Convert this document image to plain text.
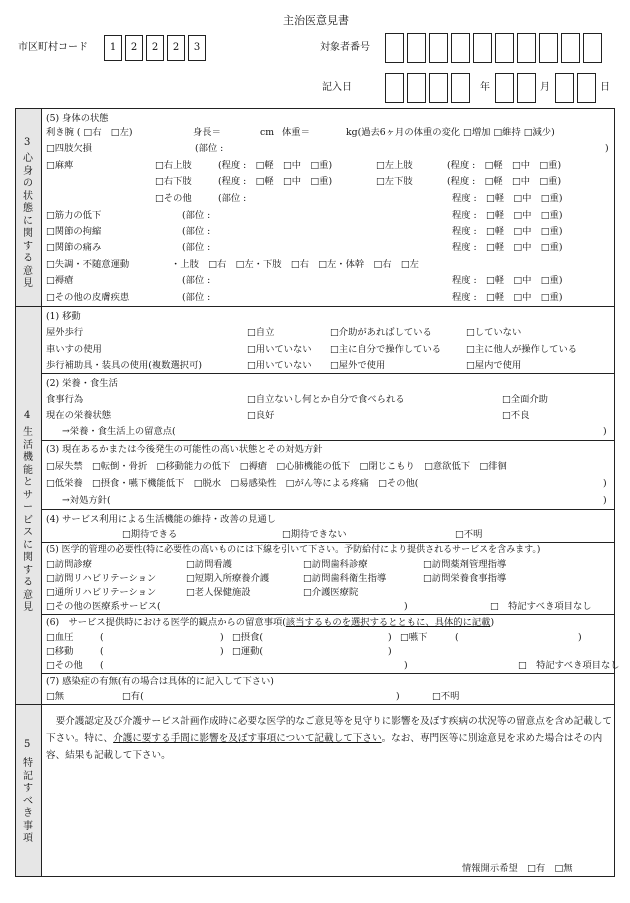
主治医意見書
市区町村コード	1	2	2	2	3	対象者番号
記入日	年	月	日
3
心身の状態に関する意見
(5) 身体の状態
利き腕 ( □右　□左)	身長＝	cm 体重＝	kg(過去6ヶ月の体重の変化 □増加 □維持 □減少)
□四肢欠損	(部位 :	)
□麻痺	□右上肢	(程度 :　□軽　□中　□重)	□左上肢	(程度 :　□軽　□中　□重)
□右下肢	(程度 :　□軽　□中　□重)	□左下肢	(程度 :　□軽　□中　□重)
□その他	(部位 :	程度 :　□軽　□中　□重)
□筋力の低下	(部位 :	程度 :　□軽　□中　□重)
□関節の拘縮	(部位 :	程度 :　□軽　□中　□重)
□関節の痛み	(部位 :	程度 :　□軽　□中　□重)
□失調・不随意運動	・上肢　□右　□左・下肢　□右　□左・体幹　□右　□左
□褥瘡	(部位 :	程度 :　□軽　□中　□重)
□その他の皮膚疾患	(部位 :	程度 :　□軽　□中　□重)
4
生活機能とサービスに関する意見
(1) 移動
屋外歩行	□自立	□介助があればしている	□していない
車いすの使用	□用いていない □主に自分で操作している	□主に他人が操作している
歩行補助具・装具の使用(複数選択可)	□用いていない □屋外で使用	□屋内で使用
(2) 栄養・食生活
食事行為	□自立ないし何とか自分で食べられる	□全面介助
現在の栄養状態	□良好	□不良
→栄養・食生活上の留意点(	)
(3) 現在あるかまたは今後発生の可能性の高い状態とその対処方針
□尿失禁　□転倒・骨折　□移動能力の低下　□褥瘡　□心肺機能の低下　□閉じこもり　□意欲低下　□徘徊
□低栄養　□摂食・嚥下機能低下　□脱水　□易感染性　□がん等による疼痛　□その他(	)
→対処方針(	)
(4) サービス利用による生活機能の維持・改善の見通し
□期待できる	□期待できない	□不明
(5) 医学的管理の必要性(特に必要性の高いものには下線を引いて下さい。予防給付により提供されるサービスを含みます。)
□訪問診療	□訪問看護	□訪問歯科診療	□訪問薬剤管理指導
□訪問リハビリテーション	□短期入所療養介護	□訪問歯科衛生指導	□訪問栄養食事指導
□通所リハビリテーション	□老人保健施設	□介護医療院
□その他の医療系サービス(	)	□　特記すべき項目なし
(6)　サービス提供時における医学的観点からの留意事項(該当するものを選択するとともに、具体的に記載)
□血圧	(	) □摂食(	) □嚥下	(	)
□移動	(	) □運動(	)
□その他 (	)	□　特記すべき項目なし
(7) 感染症の有無(有の場合は具体的に記入して下さい)
□無	□有(	)	□不明
5
特記すべき事項
要介護認定及び介護サービス計画作成時に必要な医学的なご意見等を見守りに影響を及ぼす疾病の状況等の留意点を含め記載して下さい。特に、介護に要する手間に影響を及ぼす事項について記載して下さい。なお、専門医等に別途意見を求めた場合はその内容、結果も記載して下さい。
情報開示希望　□有　□無
